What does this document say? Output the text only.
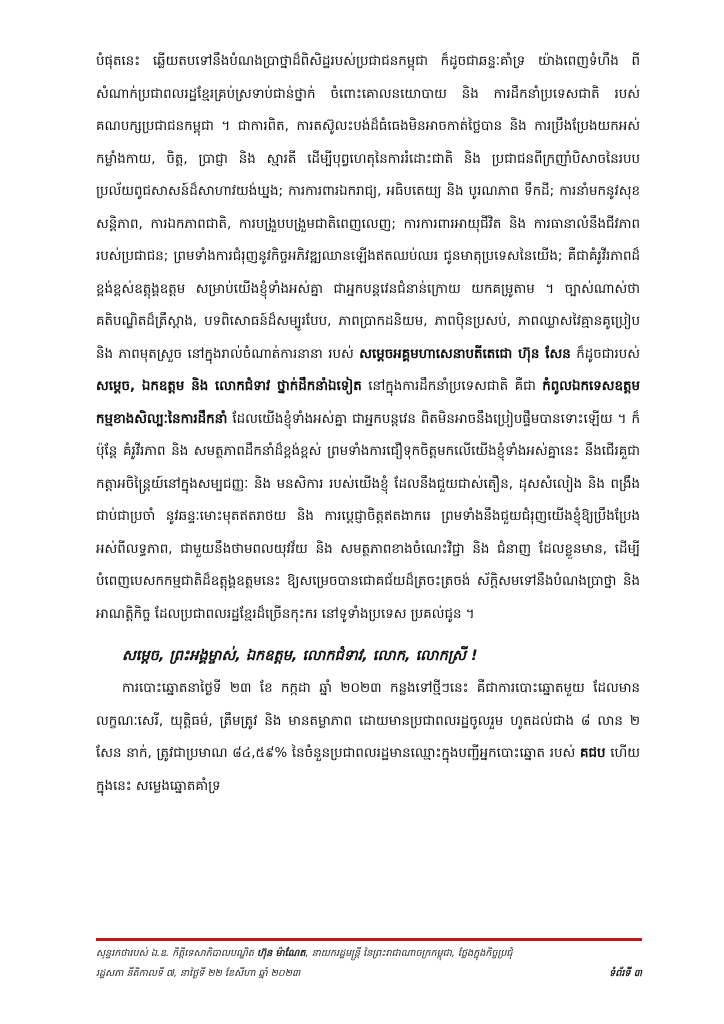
បំផុតនេះ ឆ្លើយតបទៅនឹងបំណងប្រាថ្នាដ៏ពិសិដ្ឋរបស់ប្រជាជនកម្ពុជា ក៏ដូចជាឆន្ទៈគាំទ្រ យ៉ាងពេញទំហឹង ពីសំណាក់ប្រជាពលរដ្ឋខ្មែរគ្រប់ស្រទាប់ជាន់ថ្នាក់ ចំពោះគោលនយោបាយ និង ការដឹកនាំប្រទេសជាតិ របស់គណបក្សប្រជាជនកម្ពុជា ។ ជាការពិត, ការតស៊ូលះបង់ដ៏ធំធេងមិនអាចកាត់ថ្លៃបាន និង ការប្រឹងប្រែងយកអស់កម្លាំងកាយ, ចិត្ត, ប្រាជ្ញា និង ស្មារតី ដើម្បីបុព្វហេតុនៃការរំដោះជាតិ និង ប្រជាជនពីក្រញាំបិសាចនៃរបបប្រល័យពូជសាសន៍ដ៏សាហាវយង់ឃ្នង; ការការពារឯករាជ្យ, អធិបតេយ្យ និង បូរណភាព ទឹកដី; ការនាំមកនូវសុខសន្តិភាព, ការឯកភាពជាតិ, ការបង្រួបបង្រួមជាតិពេញលេញ; ការការពារអាយុជីវិត និង ការធានាលំនឹងជីវភាព របស់ប្រជាជន; ព្រមទាំងការជំរុញនូវកិច្ចអភិវឌ្ឍឈានឡើងឥតឈប់ឈរ ជូនមាតុប្រទេសនៃយើង; គឺជាគំរូវីរភាពដ៏ខ្ពង់ខ្ពស់ឧត្តុង្គឧត្តម សម្រាប់យើងខ្ញុំទាំងអស់គ្នា ជាអ្នកបន្តវេនជំនាន់ក្រោយ យកគម្រូតាម ។ ច្បាស់ណាស់ថា គតិបណ្ឌិតដ៏ត្រឹស្តាង, បទពិសោធន៍ដ៏សម្បូរបែប, ភាពប្រាកដនិយម, ភាពប៉ិនប្រសប់, ភាពឈ្លាសវៃគ្មានគូប្រៀប និង ភាពមុតស្រួច នៅក្នុងរាល់ចំណាត់ការនានា របស់ សម្តេចអគ្គមហាសេនាបតីតេជោ ហ៊ុន សែន ក៏ដូចជារបស់ សម្តេច, ឯកឧត្តម និង លោកជំទាវ ថ្នាក់ដឹកនាំឯទៀត នៅក្នុងការដឹកនាំប្រទេសជាតិ គឺជា កំពូលឯកទេសឧត្តមកម្មខាងសិល្បៈនៃការដឹកនាំ ដែលយើងខ្ញុំទាំងអស់គ្នា ជាអ្នកបន្តវេន ពិតមិនអាចនឹងប្រៀបផ្ទឹមបានទោះឡើយ ។ ក៏ប៉ុន្តែ គំរូវីរភាព និង សមត្ថភាពដឹកនាំដ៏ខ្ពង់ខ្ពស់ ព្រមទាំងការជឿទុកចិត្តមកលើយើងខ្ញុំទាំងអស់គ្នានេះ នឹងជើរគួជាកត្តាអចិន្ត្រៃយ៍នៅក្នុងសម្បជញ្ញៈ និង មនសិការ របស់យើងខ្ញុំ ដែលនឹងជួយជាស់តឿន, ដុសសំលៀង និង ពង្រឹងជាប់ជាប្រចាំ នូវឆន្ទៈមោះមុតឥតរាថយ និង ការប្តេជ្ញាចិត្តឥតងាករេ ព្រមទាំងនឹងជួយជំរុញយើងខ្ញុំឱ្យប្រឹងប្រែងអស់ពីលទ្ធភាព, ជាមួយនឹងថាមពលយុវវ័យ និង សមត្ថភាពខាងចំណេះវិជ្ជា និង ជំនាញ ដែលខ្លួនមាន, ដើម្បីបំពេញបេសកកម្មជាតិដ៏ឧត្តុង្គឧត្តមនេះ ឱ្យសម្រេចបានជោគជ័យដ៏ត្រចះត្រចង់ ស័ក្តិសមទៅនឹងបំណងប្រាថ្នា និង អាណត្តិកិច្ច ដែលប្រជាពលរដ្ឋខ្មែរដ៏ច្រើនកុះករ នៅទូទាំងប្រទេស ប្រគល់ជូន ។

សម្តេច, ព្រះអង្គម្ចាស់, ឯកឧត្តម, លោកជំទាវ, លោក, លោកស្រី !

ការបោះឆ្នោតនាថ្ងៃទី ២៣ ខែ កក្កដា ឆ្នាំ ២០២៣ កន្លងទៅថ្មីៗនេះ គឺជាការបោះឆ្នោតមួយ ដែលមានលក្ខណៈសេរី, យុត្តិធម៌, ត្រឹមត្រូវ និង មានតម្លាភាព ដោយមានប្រជាពលរដ្ឋចូលរួម ហូតដល់ជាង ៨ លាន ២ សែន នាក់, ត្រូវជាប្រមាណ ៨៤,៥៩% នៃចំនួនប្រជាពលរដ្ឋមានឈ្មោះក្នុងបញ្ជីអ្នកបោះឆ្នោត របស់ គជប ហើយក្នុងនេះ សម្លេងឆ្នោតគាំទ្រ

សុន្ទរកថារបស់ ឯ.ឧ. កិត្តិទេសាភិបាលបណ្ឌិត ហ៊ុន ម៉ាណែត, នាយករដ្ឋមន្ត្រី នៃព្រះរាជាណាចក្រកម្ពុជា, ថ្លែងក្នុងកិច្ចប្រជុំ

រដ្ឋសភា នីតិកាលទី ៧, នាថ្ងៃទី ២២ ខែសីហា ឆ្នាំ ២០២៣	ទំព័រទី ៣
